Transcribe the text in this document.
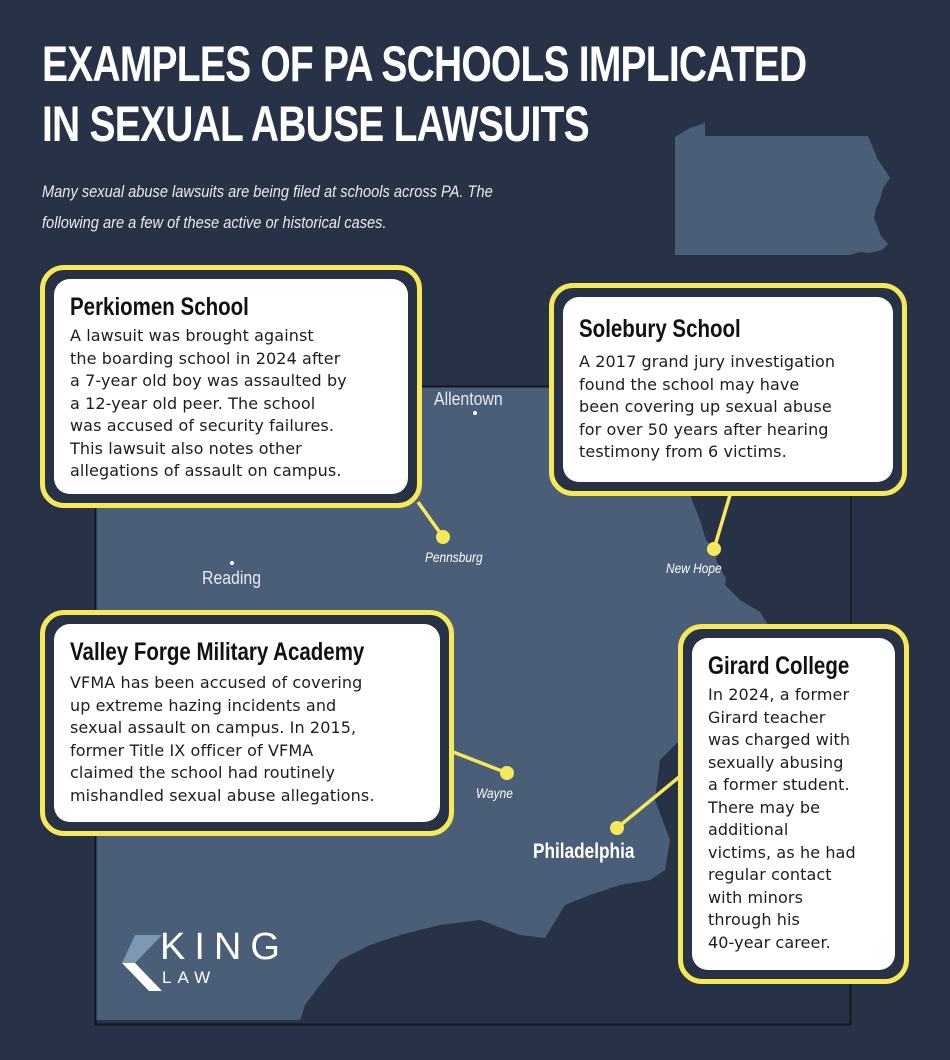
EXAMPLES OF PA SCHOOLS IMPLICATED
IN SEXUAL ABUSE LAWSUITS
Many sexual abuse lawsuits are being filed at schools across PA. The
following are a few of these active or historical cases.
Allentown
Reading
Pennsburg
New Hope
Wayne
Philadelphia
Perkiomen School

A lawsuit was brought against
the boarding school in 2024 after
a 7-year old boy was assaulted by
a 12-year old peer. The school
was accused of security failures.
This lawsuit also notes other
allegations of assault on campus.

Solebury School

A 2017 grand jury investigation
found the school may have
been covering up sexual abuse
for over 50 years after hearing
testimony from 6 victims.

Valley Forge Military Academy

VFMA has been accused of covering
up extreme hazing incidents and
sexual assault on campus. In 2015,
former Title IX officer of VFMA
claimed the school had routinely
mishandled sexual abuse allegations.

Girard College

In 2024, a former
Girard teacher
was charged with
sexually abusing
a former student.
There may be
additional
victims, as he had
regular contact
with minors
through his
40-year career.

KING
LAW
